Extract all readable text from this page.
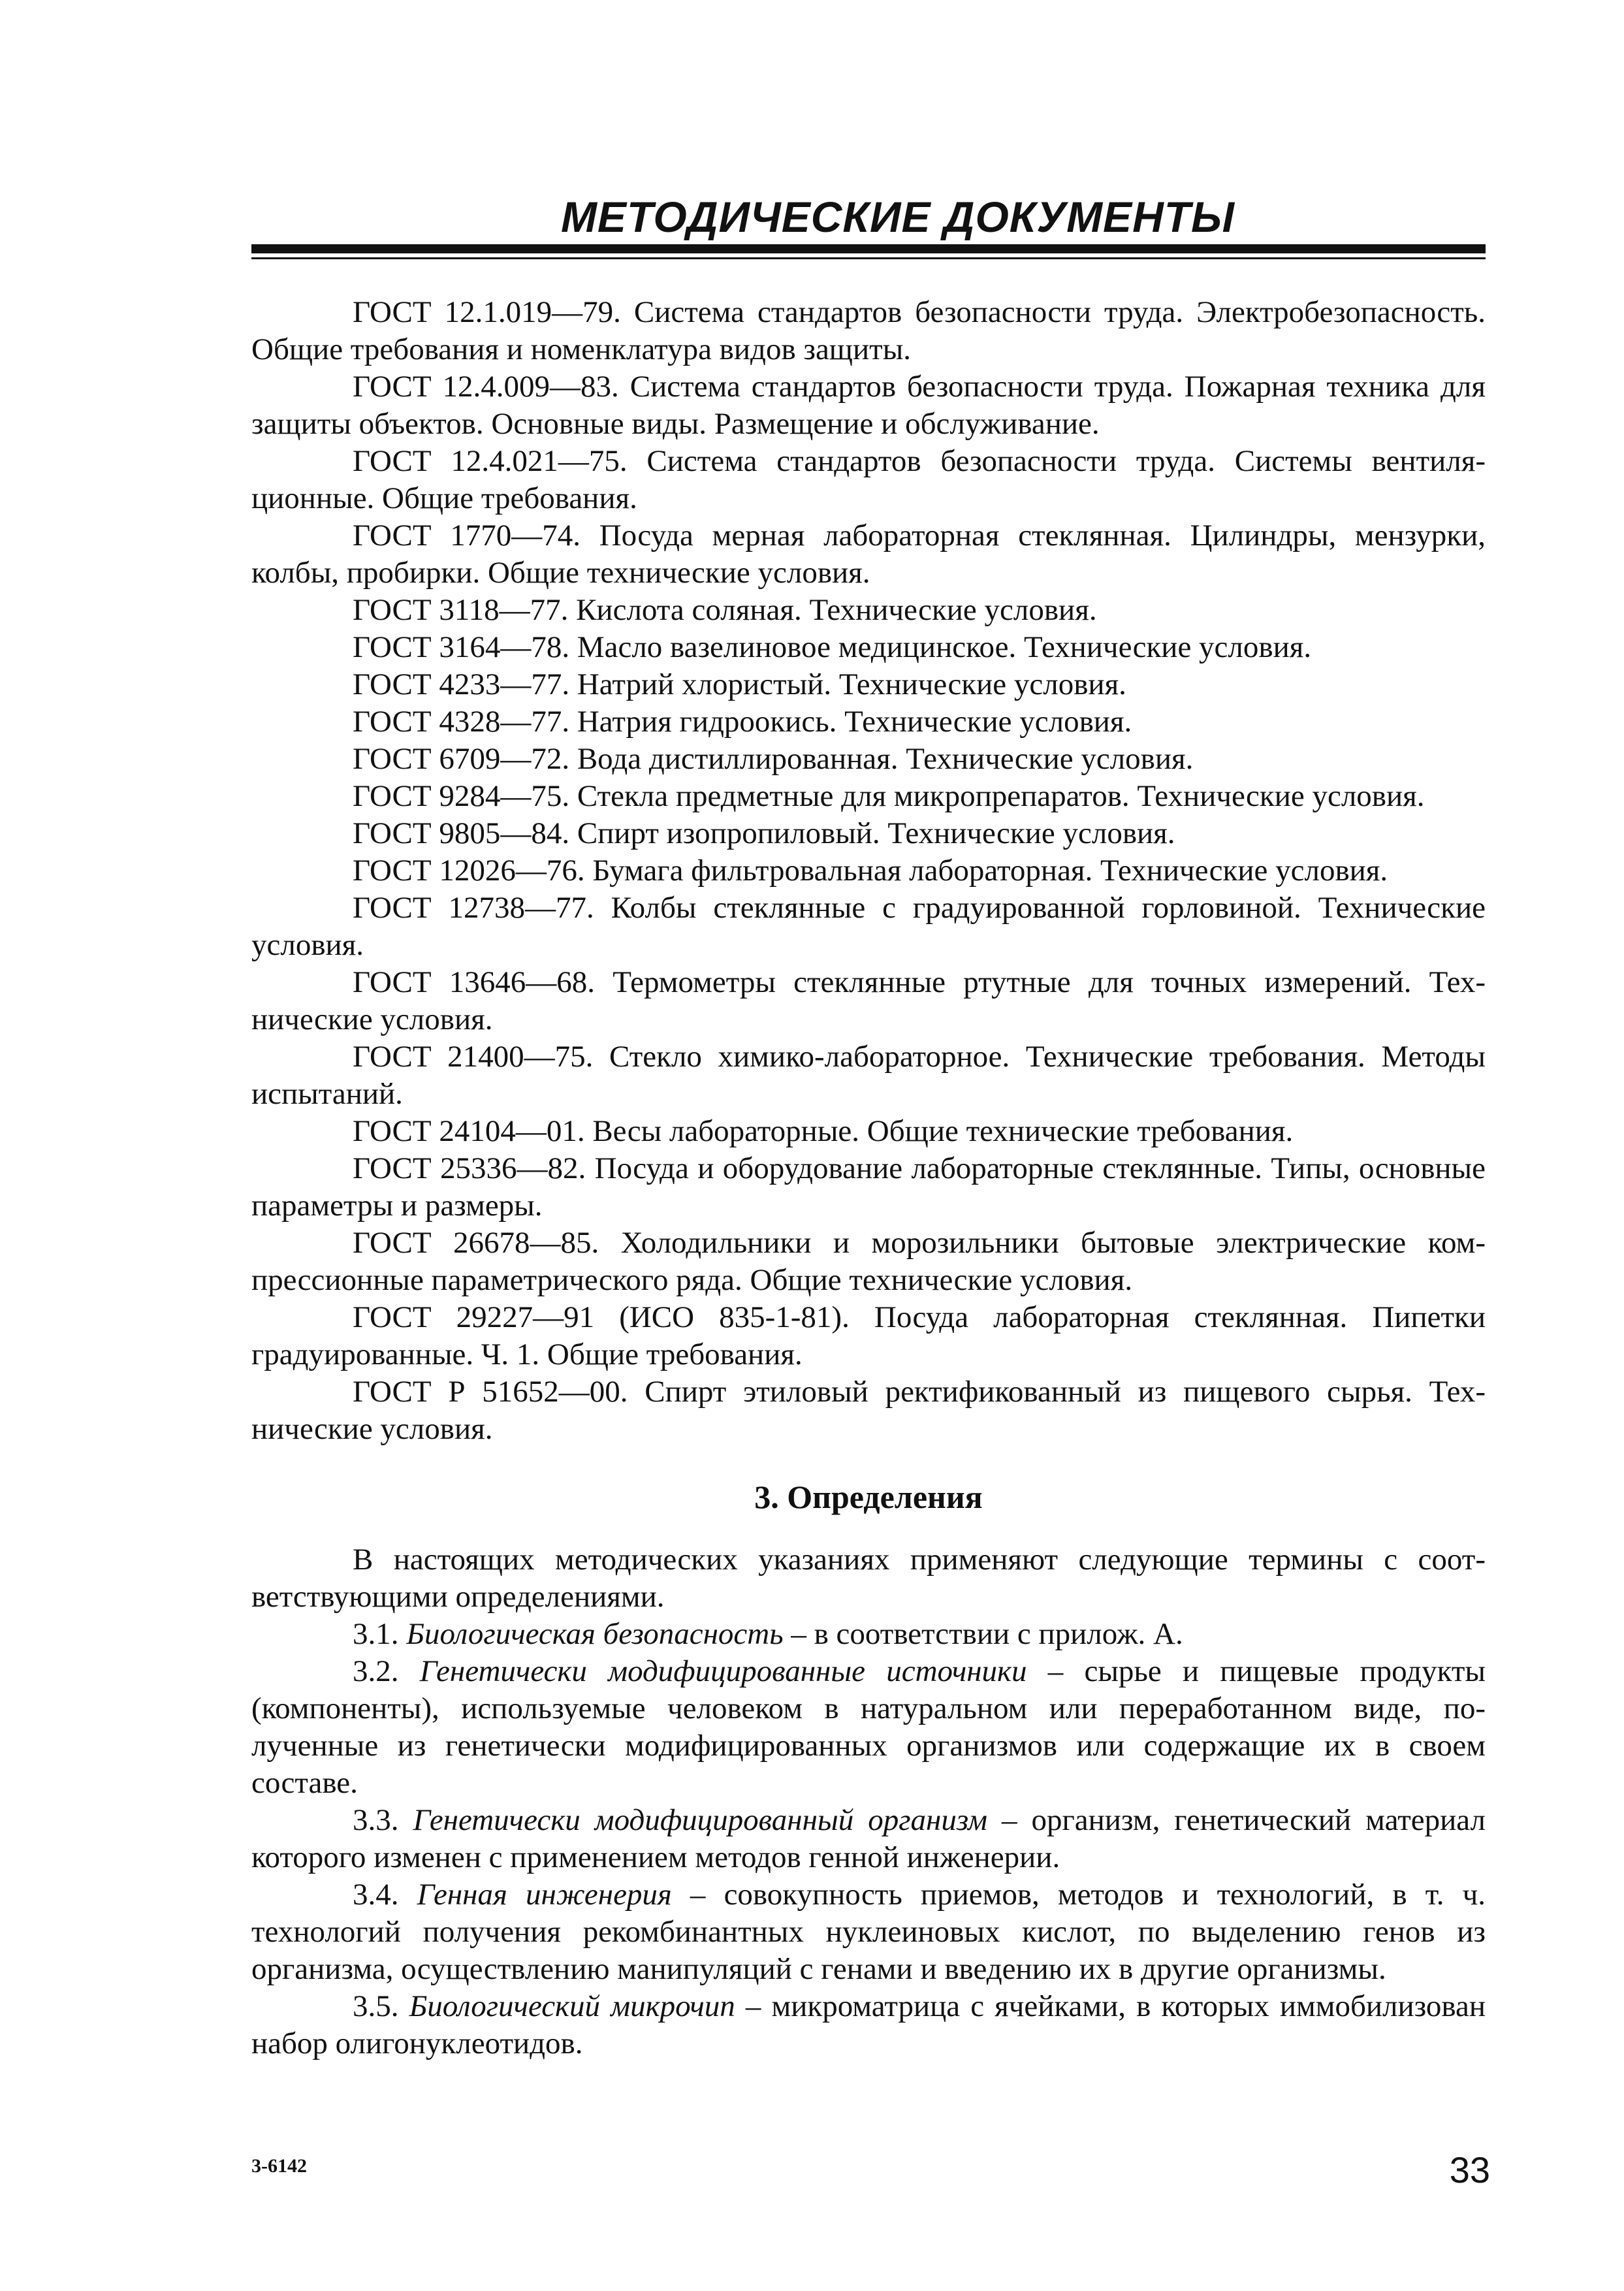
МЕТОДИЧЕСКИЕ ДОКУМЕНТЫ

ГОСТ 12.1.019—79. Система стандартов безопасности труда. Электробезопасность. Общие требования и номенклатура видов защиты.

ГОСТ 12.4.009—83. Система стандартов безопасности труда. Пожарная техника для защиты объектов. Основные виды. Размещение и обслуживание.

ГОСТ 12.4.021—75. Система стандартов безопасности труда. Системы вентиляционные. Общие требования.

ГОСТ 1770—74. Посуда мерная лабораторная стеклянная. Цилиндры, мензурки, колбы, пробирки. Общие технические условия.

ГОСТ 3118—77. Кислота соляная. Технические условия.

ГОСТ 3164—78. Масло вазелиновое медицинское. Технические условия.

ГОСТ 4233—77. Натрий хлористый. Технические условия.

ГОСТ 4328—77. Натрия гидроокись. Технические условия.

ГОСТ 6709—72. Вода дистиллированная. Технические условия.

ГОСТ 9284—75. Стекла предметные для микропрепаратов. Технические условия.

ГОСТ 9805—84. Спирт изопропиловый. Технические условия.

ГОСТ 12026—76. Бумага фильтровальная лабораторная. Технические условия.

ГОСТ 12738—77. Колбы стеклянные с градуированной горловиной. Технические условия.

ГОСТ 13646—68. Термометры стеклянные ртутные для точных измерений. Технические условия.

ГОСТ 21400—75. Стекло химико-лабораторное. Технические требования. Методы испытаний.

ГОСТ 24104—01. Весы лабораторные. Общие технические требования.

ГОСТ 25336—82. Посуда и оборудование лабораторные стеклянные. Типы, основные параметры и размеры.

ГОСТ 26678—85. Холодильники и морозильники бытовые электрические компрессионные параметрического ряда. Общие технические условия.

ГОСТ 29227—91 (ИСО 835-1-81). Посуда лабораторная стеклянная. Пипетки градуированные. Ч. 1. Общие требования.

ГОСТ Р 51652—00. Спирт этиловый ректификованный из пищевого сырья. Технические условия.

3. Определения

В настоящих методических указаниях применяют следующие термины с соответствующими определениями.

3.1. Биологическая безопасность – в соответствии с прилож. А.

3.2. Генетически модифицированные источники – сырье и пищевые продукты (компоненты), используемые человеком в натуральном или переработанном виде, полученные из генетически модифицированных организмов или содержащие их в своем составе.

3.3. Генетически модифицированный организм – организм, генетический материал которого изменен с применением методов генной инженерии.

3.4. Генная инженерия – совокупность приемов, методов и технологий, в т. ч. технологий получения рекомбинантных нуклеиновых кислот, по выделению генов из организма, осуществлению манипуляций с генами и введению их в другие организмы.

3.5. Биологический микрочип – микроматрица с ячейками, в которых иммобилизован набор олигонуклеотидов.

3-6142	33
